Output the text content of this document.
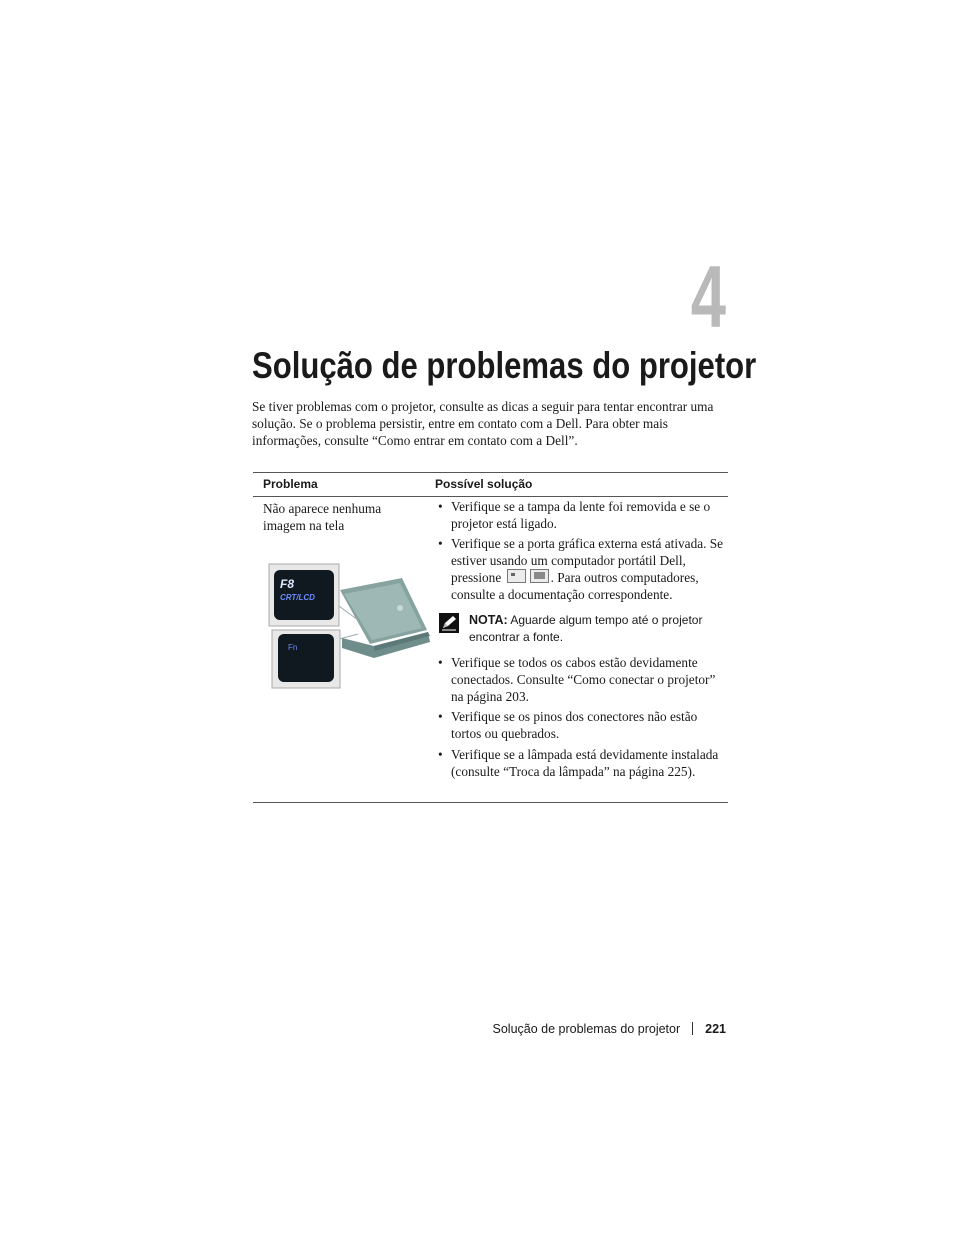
4
Solução de problemas do projetor

Se tiver problemas com o projetor, consulte as dicas a seguir para tentar encontrar uma solução. Se o problema persistir, entre em contato com a Dell. Para obter mais informações, consulte “Como entrar em contato com a Dell”.

Problema	Possível solução
Não aparece nenhuma imagem na tela
F8
CRT/LCD
Fn
• Verifique se a tampa da lente foi removida e se o projetor está ligado.
• Verifique se a porta gráfica externa está ativada. Se estiver usando um computador portátil Dell, pressione	. Para outros computadores, consulte a documentação correspondente.
• Verifique se todos os cabos estão devidamente conectados. Consulte “Como conectar o projetor” na página 203.
• Verifique se os pinos dos conectores não estão tortos ou quebrados.
• Verifique se a lâmpada está devidamente instalada (consulte “Troca da lâmpada” na página 225).
NOTA: Aguarde algum tempo até o projetor encontrar a fonte.
Solução de problemas do projetor 221
